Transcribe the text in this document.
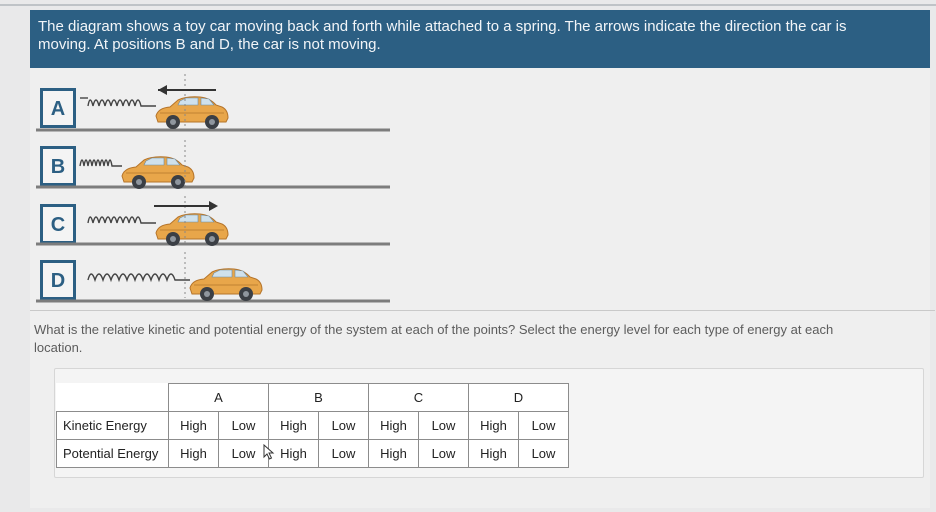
The diagram shows a toy car moving back and forth while attached to a spring. The arrows indicate the direction the car is
moving. At positions B and D, the car is not moving.
A
B
C
D
What is the relative kinetic and potential energy of the system at each of the points? Select the energy level for each type of energy at each
location.
	A		B		C		D	
Kinetic Energy	High	Low	High	Low	High	Low	High	Low
Potential Energy	High	Low	High	Low	High	Low	High	Low
